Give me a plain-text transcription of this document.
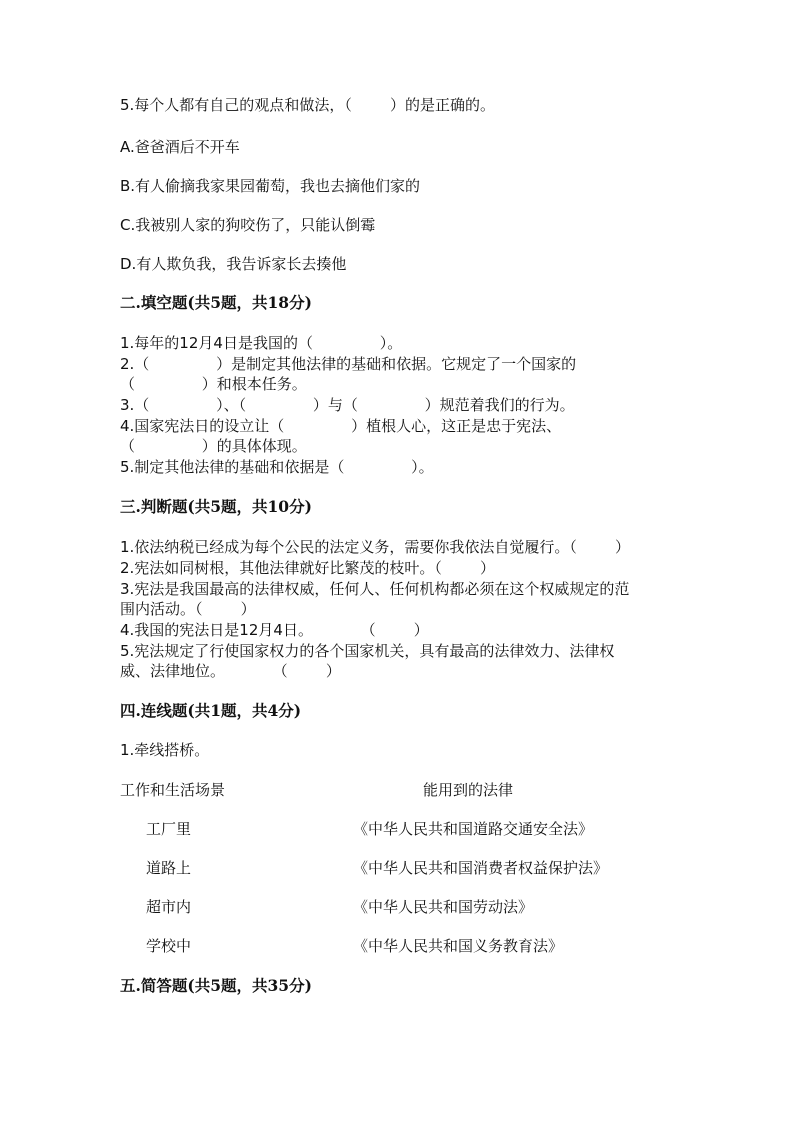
5.每个人都有自己的观点和做法，（        ）的是正确的。
A.爸爸酒后不开车
B.有人偷摘我家果园葡萄，我也去摘他们家的
C.我被别人家的狗咬伤了，只能认倒霉
D.有人欺负我，我告诉家长去揍他
二.填空题(共5题，共18分)
1.每年的12月4日是我国的（              ）。
2.（              ）是制定其他法律的基础和依据。它规定了一个国家的
（              ）和根本任务。
3.（              ）、（              ）与（              ）规范着我们的行为。
4.国家宪法日的设立让（              ）植根人心，这正是忠于宪法、
（              ）的具体体现。
5.制定其他法律的基础和依据是（              ）。
三.判断题(共5题，共10分)
1.依法纳税已经成为每个公民的法定义务，需要你我依法自觉履行。（        ）
2.宪法如同树根，其他法律就好比繁茂的枝叶。（        ）
3.宪法是我国最高的法律权威，任何人、任何机构都必须在这个权威规定的范
围内活动。（        ）
4.我国的宪法日是12月4日。          （        ）
5.宪法规定了行使国家权力的各个国家机关，具有最高的法律效力、法律权
威、法律地位。          （        ）
四.连线题(共1题，共4分)
1.牵线搭桥。
工作和生活场景	能用到的法律
工厂里	《中华人民共和国道路交通安全法》
道路上	《中华人民共和国消费者权益保护法》
超市内	《中华人民共和国劳动法》
学校中	《中华人民共和国义务教育法》
五.简答题(共5题，共35分)
